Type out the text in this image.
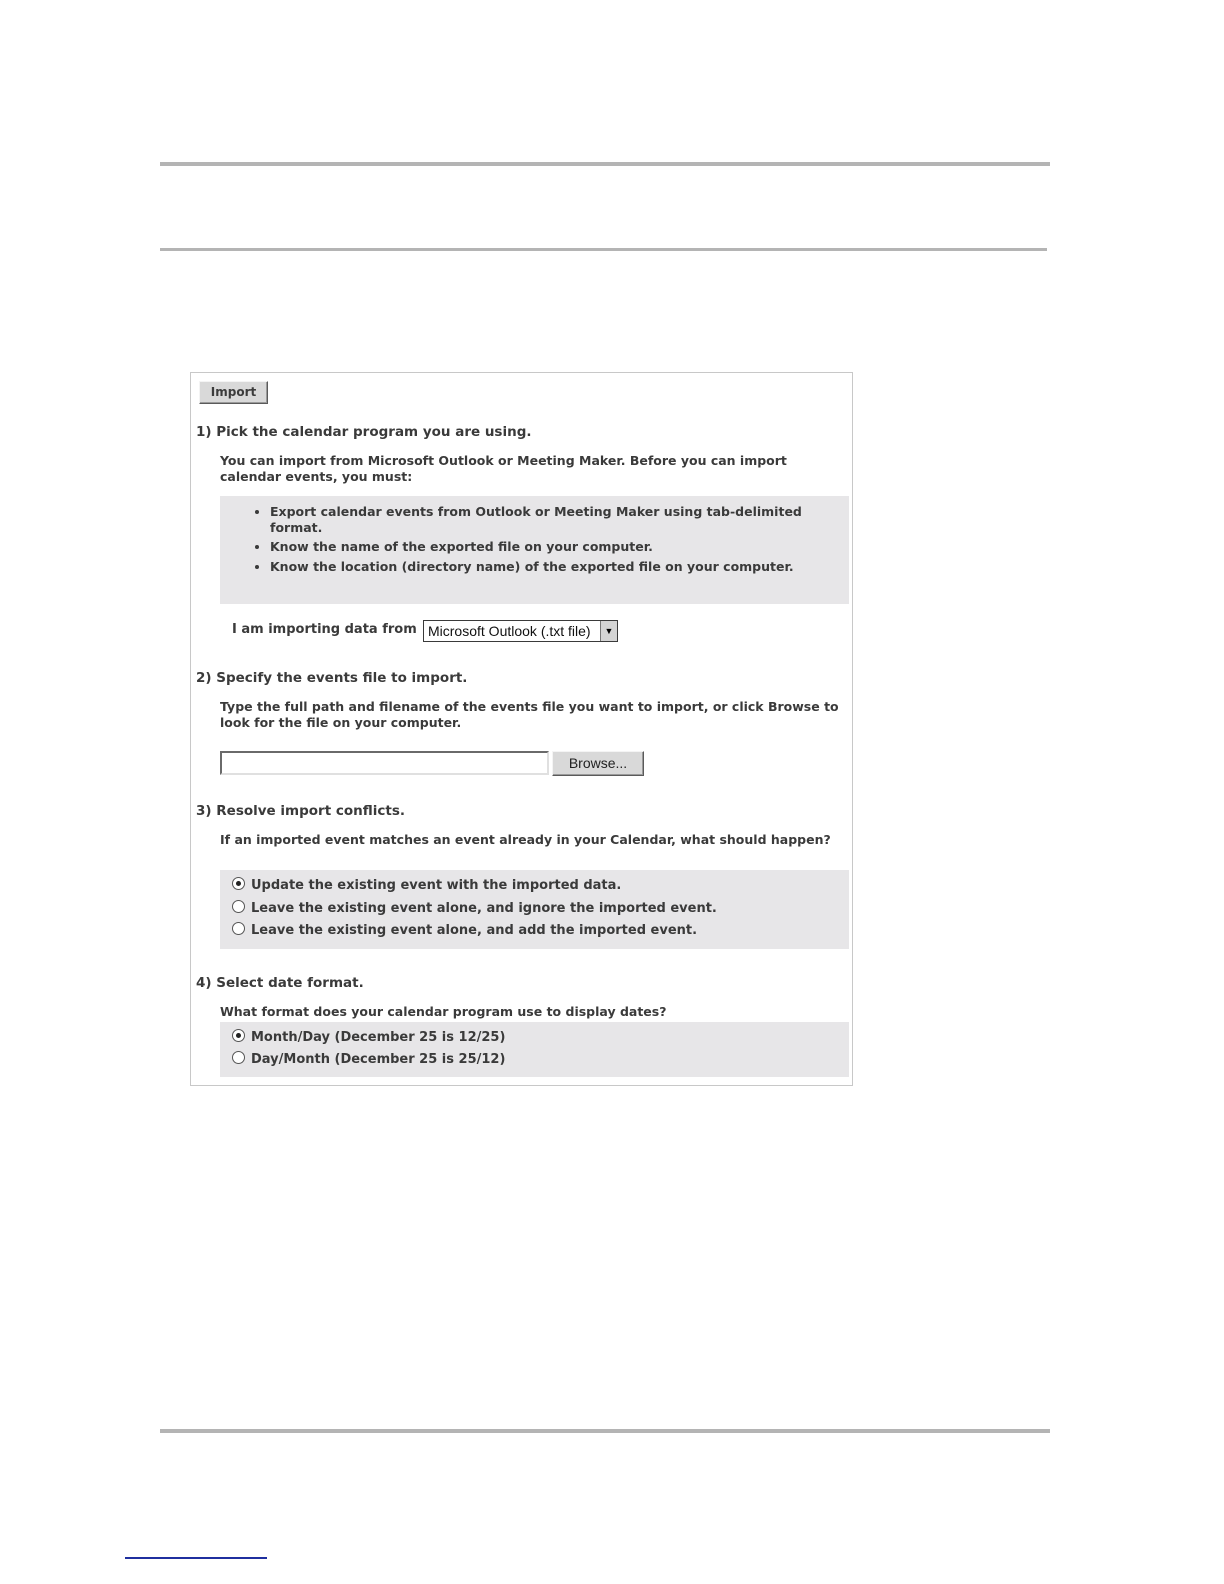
Import
1) Pick the calendar program you are using.
You can import from Microsoft Outlook or Meeting Maker. Before you can import calendar events, you must:
• Export calendar events from Outlook or Meeting Maker using tab-delimited format.
• Know the name of the exported file on your computer.
• Know the location (directory name) of the exported file on your computer.
I am importing data from Microsoft Outlook (.txt file)	▼
2) Specify the events file to import.
Type the full path and filename of the events file you want to import, or click Browse to look for the file on your computer.
Browse...
3) Resolve import conflicts.
If an imported event matches an event already in your Calendar, what should happen?
Update the existing event with the imported data.
Leave the existing event alone, and ignore the imported event.
Leave the existing event alone, and add the imported event.
4) Select date format.
What format does your calendar program use to display dates?
Month/Day (December 25 is 12/25)
Day/Month (December 25 is 25/12)
